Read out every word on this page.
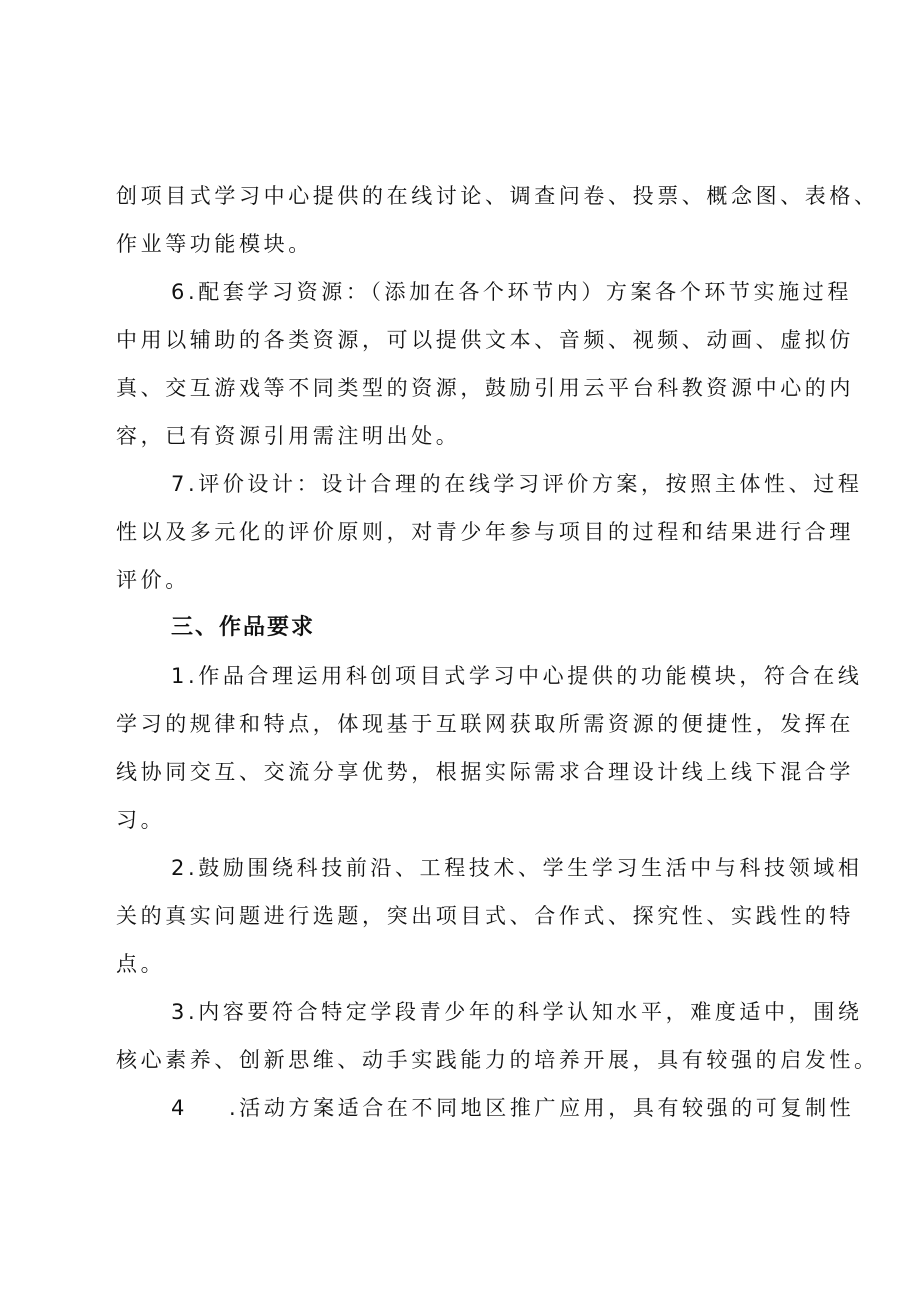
创项目式学习中心提供的在线讨论、调查问卷、投票、概念图、表格、
作业等功能模块。
6.配套学习资源：（添加在各个环节内）方案各个环节实施过程
中用以辅助的各类资源，可以提供文本、音频、视频、动画、虚拟仿
真、交互游戏等不同类型的资源，鼓励引用云平台科教资源中心的内
容，已有资源引用需注明出处。
7.评价设计：设计合理的在线学习评价方案，按照主体性、过程
性以及多元化的评价原则，对青少年参与项目的过程和结果进行合理
评价。
三、作品要求
1.作品合理运用科创项目式学习中心提供的功能模块，符合在线
学习的规律和特点，体现基于互联网获取所需资源的便捷性，发挥在
线协同交互、交流分享优势，根据实际需求合理设计线上线下混合学
习。
2.鼓励围绕科技前沿、工程技术、学生学习生活中与科技领域相
关的真实问题进行选题，突出项目式、合作式、探究性、实践性的特
点。
3.内容要符合特定学段青少年的科学认知水平，难度适中，围绕
核心素养、创新思维、动手实践能力的培养开展，具有较强的启发性。
4 .活动方案适合在不同地区推广应用，具有较强的可复制性
